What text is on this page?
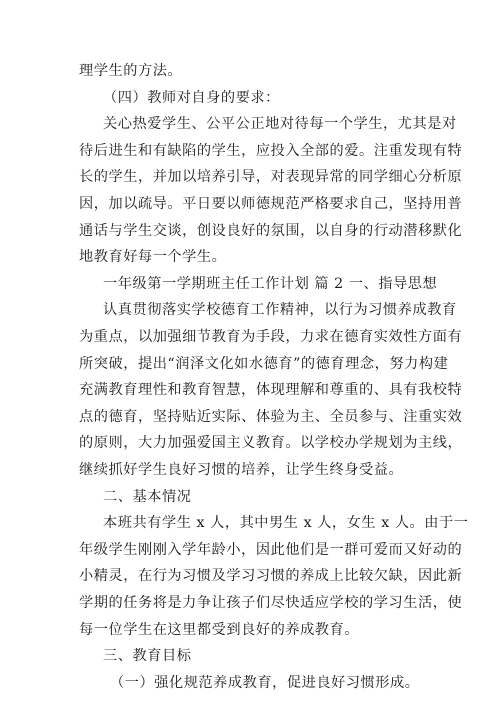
理学生的方法。
（四）教师对自身的要求：
关心热爱学生、公平公正地对待每一个学生，尤其是对
待后进生和有缺陷的学生，应投入全部的爱。注重发现有特
长的学生，并加以培养引导，对表现异常的同学细心分析原
因，加以疏导。平日要以师德规范严格要求自己，坚持用普
通话与学生交谈，创设良好的氛围，以自身的行动潜移默化
地教育好每一个学生。
一年级第一学期班主任工作计划 篇 2 一、指导思想
认真贯彻落实学校德育工作精神，以行为习惯养成教育
为重点，以加强细节教育为手段，力求在德育实效性方面有
所突破，提出“润泽文化如水德育”的德育理念，努力构建
充满教育理性和教育智慧，体现理解和尊重的、具有我校特
点的德育，坚持贴近实际、体验为主、全员参与、注重实效
的原则，大力加强爱国主义教育。以学校办学规划为主线，
继续抓好学生良好习惯的培养，让学生终身受益。
二、基本情况
本班共有学生 x 人，其中男生 x 人，女生 x 人。由于一
年级学生刚刚入学年龄小，因此他们是一群可爱而又好动的
小精灵，在行为习惯及学习习惯的养成上比较欠缺，因此新
学期的任务将是力争让孩子们尽快适应学校的学习生活，使
每一位学生在这里都受到良好的养成教育。
三、教育目标
（一）强化规范养成教育，促进良好习惯形成。
